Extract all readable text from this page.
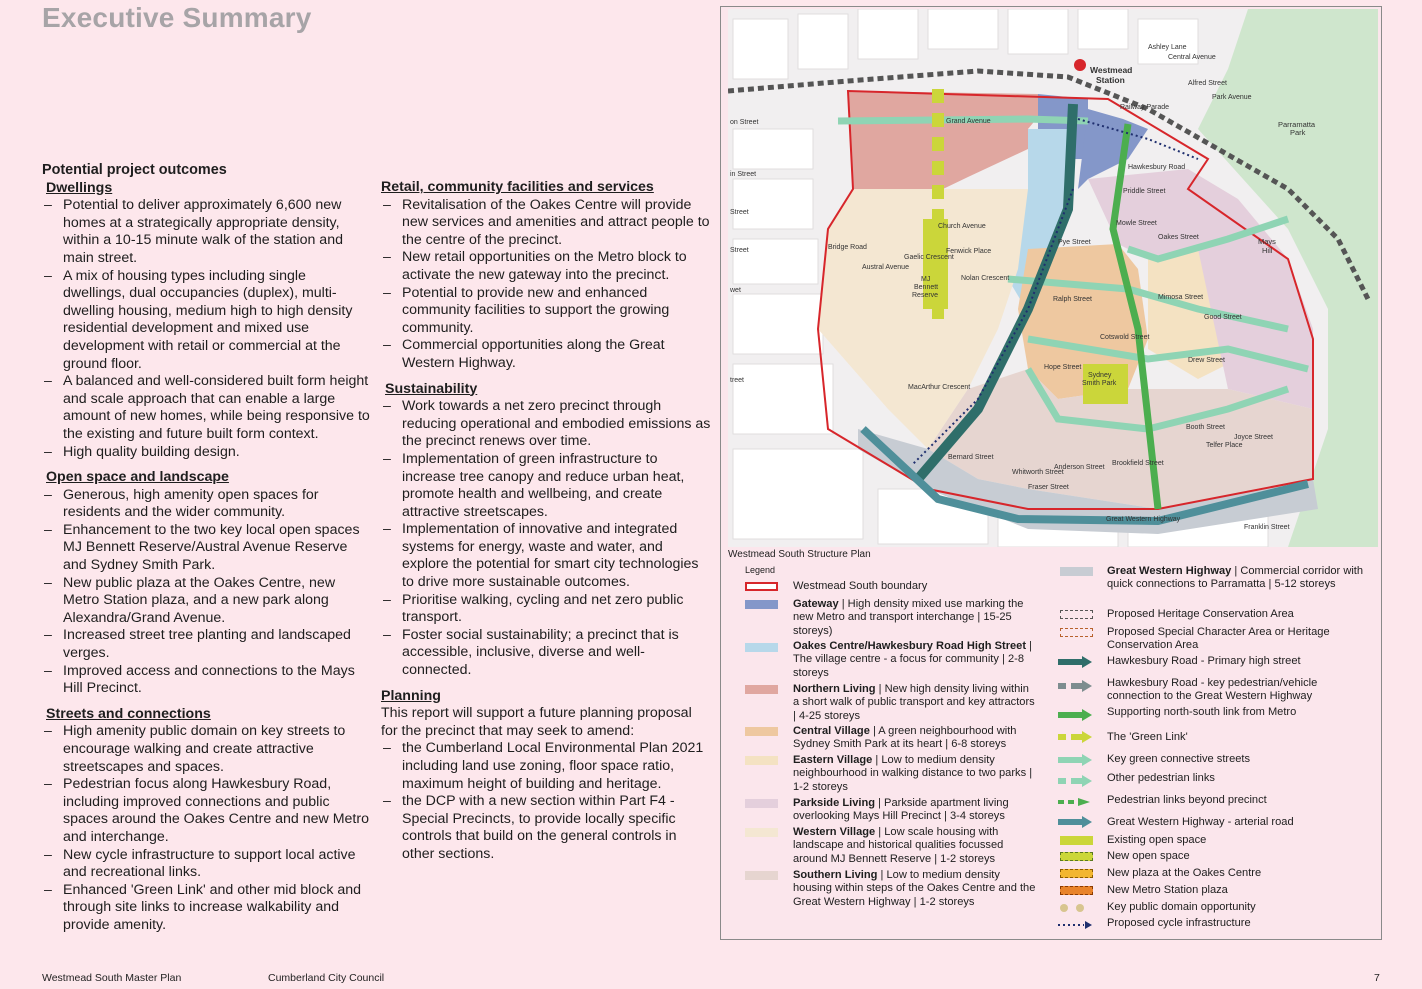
Executive Summary
Potential project outcomes
Dwellings
– Potential to deliver approximately 6,600 new homes at a strategically appropriate density, within a 10-15 minute walk of the station and main street.
– A mix of housing types including single dwellings, dual occupancies (duplex), multi-dwelling housing, medium high to high density residential development and mixed use development with retail or commercial at the ground floor.
– A balanced and well-considered built form height and scale approach that can enable a large amount of new homes, while being responsive to the existing and future built form context.
– High quality building design.
Open space and landscape
– Generous, high amenity open spaces for residents and the wider community.
– Enhancement to the two key local open spaces MJ Bennett Reserve/Austral Avenue Reserve and Sydney Smith Park.
– New public plaza at the Oakes Centre, new Metro Station plaza, and a new park along Alexandra/Grand Avenue.
– Increased street tree planting and landscaped verges.
– Improved access and connections to the Mays Hill Precinct.
Streets and connections
– High amenity public domain on key streets to encourage walking and create attractive streetscapes and spaces.
– Pedestrian focus along Hawkesbury Road, including improved connections and public spaces around the Oakes Centre and new Metro and interchange.
– New cycle infrastructure to support local active and recreational links.
– Enhanced 'Green Link' and other mid block and through site links to increase walkability and provide amenity.
Retail, community facilities and services
– Revitalisation of the Oakes Centre will provide new services and amenities and attract people to the centre of the precinct.
– New retail opportunities on the Metro block to activate the new gateway into the precinct.
– Potential to provide new and enhanced community facilities to support the growing community.
– Commercial opportunities along the Great Western Highway.
Sustainability
– Work towards a net zero precinct through reducing operational and embodied emissions as the precinct renews over time.
– Implementation of green infrastructure to increase tree canopy and reduce urban heat, promote health and wellbeing, and create attractive streetscapes.
– Implementation of innovative and integrated systems for energy, waste and water, and explore the potential for smart city technologies to drive more sustainable outcomes.
– Prioritise walking, cycling and net zero public transport.
– Foster social sustainability; a precinct that is accessible, inclusive, diverse and well-connected.
Planning
This report will support a future planning proposal for the precinct that may seek to amend:
– the Cumberland Local Environmental Plan 2021 including land use zoning, floor space ratio, maximum height of building and heritage.
– the DCP with a new section within Part F4 - Special Precincts, to provide locally specific controls that build on the general controls in other sections.
Westmead
Station
Parramatta
Park
Mays
Hill
Sydney
Smith Park
MJ
Bennett
Reserve
Grand Avenue
Church Avenue
Fenwick Place
Nolan Crescent
Ralph Street
Cotswold Street
Drew Street
Mimosa Street
Good Street
Pye Street
Priddle Street
Mowle Street
Oakes Street
Fraser Street
Great Western Highway
Railway Parade
Bridge Road
Hawkesbury Road
Booth Street
Joyce Street
Telfer Place
Franklin Street
Bernard Street
Whitworth Street
Anderson Street
Brookfield Street
Hope Street
MacArthur Crescent
Austral Avenue
Gaelic Crescent
Central Avenue
Alfred Street
Park Avenue
Ashley Lane
on Street
in Street
Street
Street
wet
treet
Westmead South Structure Plan
Legend
Westmead South boundary
Gateway | High density mixed use marking the new Metro and transport interchange | 15-25 storeys)
Oakes Centre/Hawkesbury Road High Street | The village centre - a focus for community | 2-8 storeys
Northern Living | New high density living within a short walk of public transport and key attractors | 4-25 storeys
Central Village | A green neighbourhood with Sydney Smith Park at its heart | 6-8 storeys
Eastern Village | Low to medium density neighbourhood in walking distance to two parks | 1-2 storeys
Parkside Living | Parkside apartment living overlooking Mays Hill Precinct | 3-4 storeys
Western Village | Low scale housing with landscape and historical qualities focussed around MJ Bennett Reserve | 1-2 storeys
Southern Living | Low to medium density housing within steps of the Oakes Centre and the Great Western Highway | 1-2 storeys
Great Western Highway | Commercial corridor with quick connections to Parramatta | 5-12 storeys
Proposed Heritage Conservation Area
Proposed Special Character Area or Heritage Conservation Area
Hawkesbury Road - Primary high street
Hawkesbury Road - key pedestrian/vehicle connection to the Great Western Highway
Supporting north-south link from Metro
The 'Green Link'
Key green connective streets
Other pedestrian links
Pedestrian links beyond precinct
Great Western Highway - arterial road
Existing open space
New open space
New plaza at the Oakes Centre
New Metro Station plaza
Key public domain opportunity
Proposed cycle infrastructure
Westmead South Master Plan	Cumberland City Council	7
